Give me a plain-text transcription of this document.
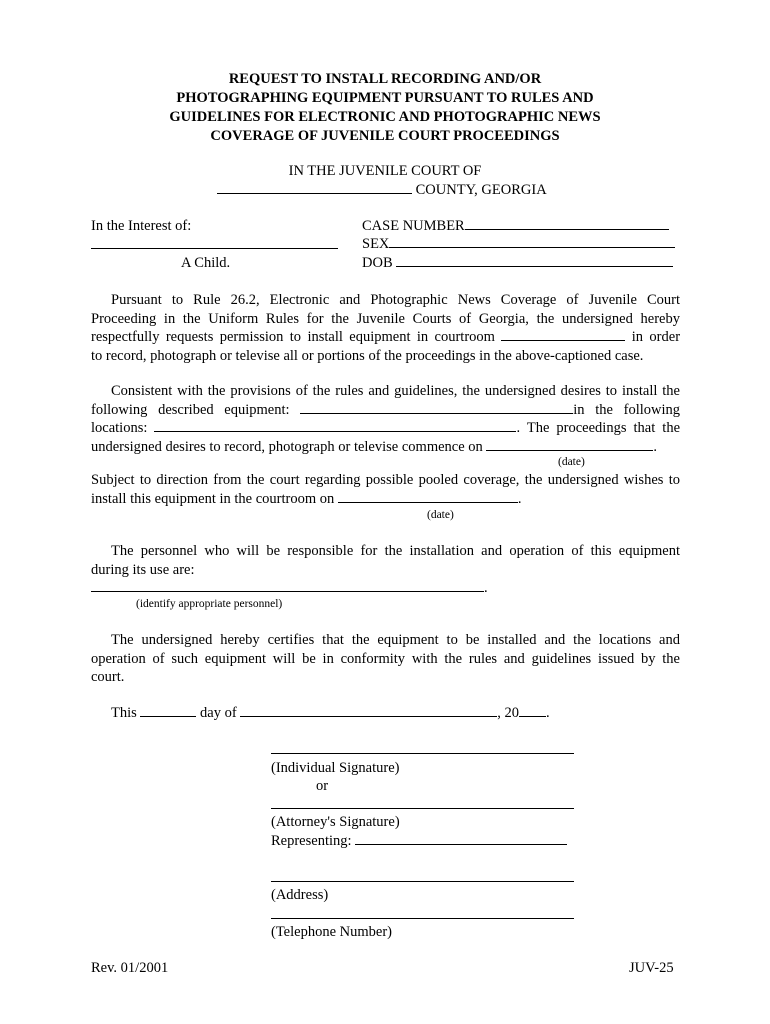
REQUEST TO INSTALL RECORDING AND/OR
PHOTOGRAPHING EQUIPMENT PURSUANT TO RULES AND
GUIDELINES FOR ELECTRONIC AND PHOTOGRAPHIC NEWS
COVERAGE OF JUVENILE COURT PROCEEDINGS
IN THE JUVENILE COURT OF
COUNTY, GEORGIA
In the Interest of:
A Child.
CASE NUMBER
SEX
DOB
Pursuant to Rule 26.2, Electronic and Photographic News Coverage of Juvenile Court
Proceeding in the Uniform Rules for the Juvenile Courts of Georgia, the undersigned hereby
respectfully requests permission to install equipment in courtroom	in order
to record, photograph or televise all or portions of the proceedings in the above-captioned case.
Consistent with the provisions of the rules and guidelines, the undersigned desires to install the
following described equipment:	in the following
locations:	. The proceedings that the
undersigned desires to record, photograph or televise commence on	.
(date)
Subject to direction from the court regarding possible pooled coverage, the undersigned wishes to
install this equipment in the courtroom on	.
(date)
The personnel who will be responsible for the installation and operation of this equipment
during its use are:
.
(identify appropriate personnel)
The undersigned hereby certifies that the equipment to be installed and the locations and
operation of such equipment will be in conformity with the rules and guidelines issued by the
court.
This	day of	, 20 .
(Individual Signature)
or
(Attorney's Signature)
Representing:
(Address)
(Telephone Number)
Rev. 01/2001	JUV-25
